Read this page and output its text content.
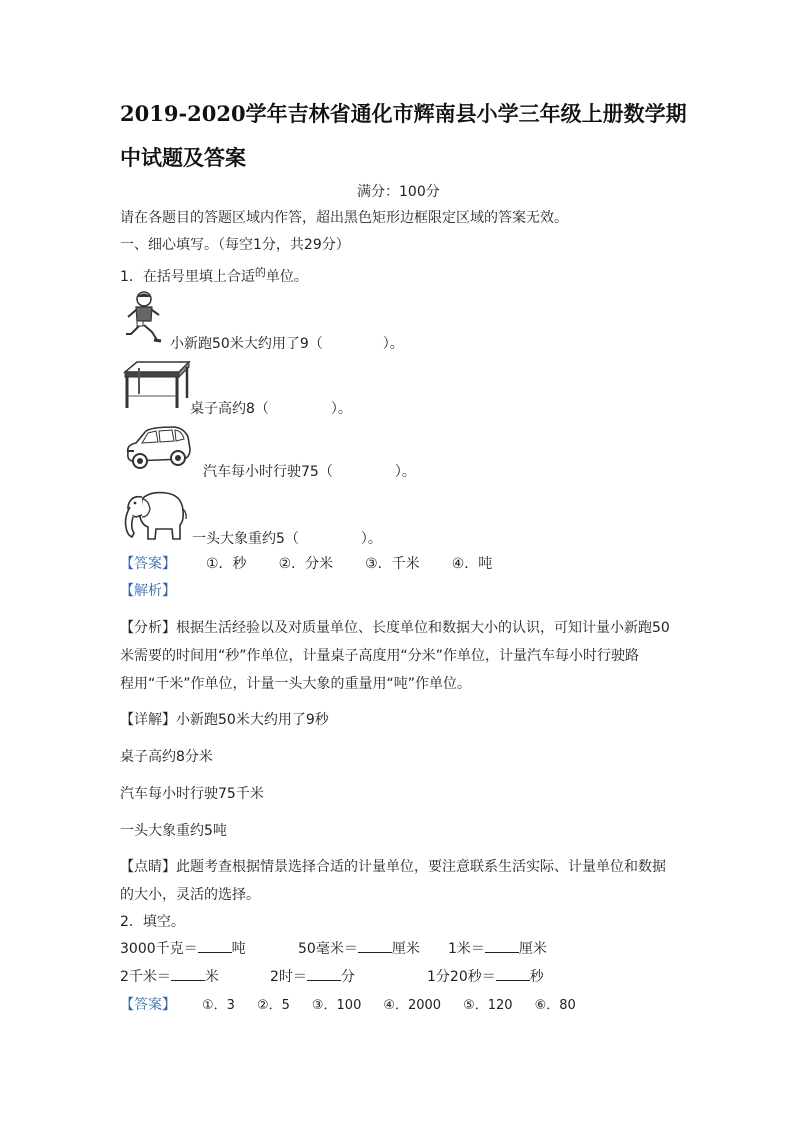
2019-2020学年吉林省通化市辉南县小学三年级上册数学期
中试题及答案
满分：100分
请在各题目的答题区域内作答，超出黑色矩形边框限定区域的答案无效。
一、细心填写。（每空1分，共29分）
1．在括号里填上合适$^的$单位。
小新跑50米大约用了9（	）。
桌子高约8（	）。
汽车每小时行驶75（	）。
一头大象重约5（	）。
【答案】 ①．秒 ②．分米 ③．千米 ④．吨
【解析】
【分析】根据生活经验以及对质量单位、长度单位和数据大小的认识，可知计量小新跑50
米需要的时间用“秒”作单位，计量桌子高度用“分米”作单位，计量汽车每小时行驶路
程用“千米”作单位，计量一头大象的重量用“吨”作单位。
【详解】小新跑50米大约用了9秒
桌子高约8分米
汽车每小时行驶75千米
一头大象重约5吨
【点睛】此题考查根据情景选择合适的计量单位，要注意联系生活实际、计量单位和数据
的大小，灵活的选择。
2．填空。
3000千克＝ 吨	50毫米＝ 厘米 1米＝ 厘米
2千米＝ 米	2时＝ 分	1分20秒＝ 秒
【答案】 ①．3 ②．5 ③．100 ④．2000 ⑤．120 ⑥．80
